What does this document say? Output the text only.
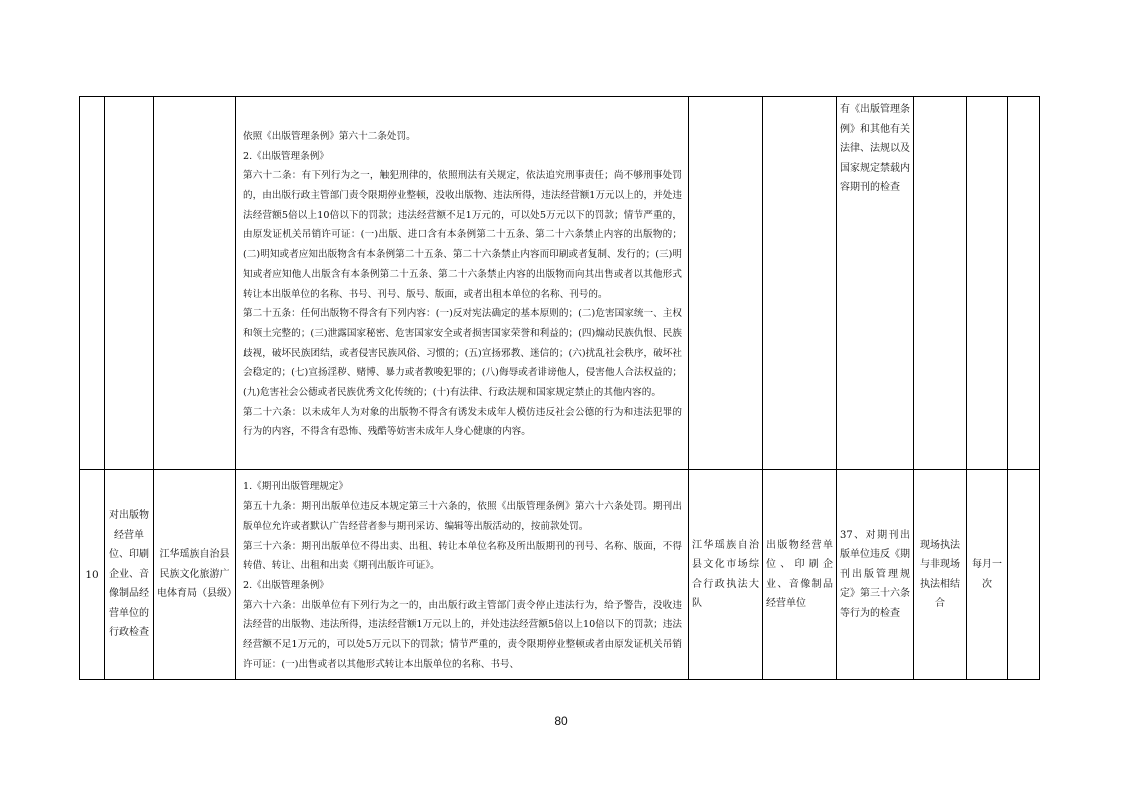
			依照《出版管理条例》第六十二条处罚。
2.《出版管理条例》
第六十二条：有下列行为之一，触犯刑律的，依照刑法有关规定，依法追究刑事责任；尚不够刑事处罚的，由出版行政主管部门责令限期停业整顿，没收出版物、违法所得，违法经营额1万元以上的，并处违法经营额5倍以上10倍以下的罚款；违法经营额不足1万元的，可以处5万元以下的罚款；情节严重的，由原发证机关吊销许可证：(一)出版、进口含有本条例第二十五条、第二十六条禁止内容的出版物的；(二)明知或者应知出版物含有本条例第二十五条、第二十六条禁止内容而印刷或者复制、发行的；(三)明知或者应知他人出版含有本条例第二十五条、第二十六条禁止内容的出版物而向其出售或者以其他形式转让本出版单位的名称、书号、刊号、版号、版面，或者出租本单位的名称、刊号的。
第二十五条：任何出版物不得含有下列内容：(一)反对宪法确定的基本原则的；(二)危害国家统一、主权和领土完整的；(三)泄露国家秘密、危害国家安全或者损害国家荣誉和利益的；(四)煽动民族仇恨、民族歧视，破坏民族团结，或者侵害民族风俗、习惯的；(五)宣扬邪教、迷信的；(六)扰乱社会秩序，破坏社会稳定的；(七)宣扬淫秽、赌博、暴力或者教唆犯罪的；(八)侮辱或者诽谤他人，侵害他人合法权益的；(九)危害社会公德或者民族优秀文化传统的；(十)有法律、行政法规和国家规定禁止的其他内容的。
第二十六条：以未成年人为对象的出版物不得含有诱发未成年人模仿违反社会公德的行为和违法犯罪的行为的内容，不得含有恐怖、残酷等妨害未成年人身心健康的内容。			有《出版管理条例》和其他有关法律、法规以及国家规定禁载内容期刊的检查			

10	对出版物经营单位、印刷企业、音像制品经营单位的行政检查	江华瑶族自治县民族文化旅游广电体育局（县级）	1.《期刊出版管理规定》
第五十九条：期刊出版单位违反本规定第三十六条的，依照《出版管理条例》第六十六条处罚。期刊出版单位允许或者默认广告经营者参与期刊采访、编辑等出版活动的，按前款处罚。
第三十六条：期刊出版单位不得出卖、出租、转让本单位名称及所出版期刊的刊号、名称、版面，不得转借、转让、出租和出卖《期刊出版许可证》。
2.《出版管理条例》
第六十六条：出版单位有下列行为之一的，由出版行政主管部门责令停止违法行为，给予警告，没收违法经营的出版物、违法所得，违法经营额1万元以上的，并处违法经营额5倍以上10倍以下的罚款；违法经营额不足1万元的，可以处5万元以下的罚款；情节严重的，责令限期停业整顿或者由原发证机关吊销许可证：(一)出售或者以其他形式转让本出版单位的名称、书号、	江华瑶族自治县文化市场综合行政执法大队	出版物经营单位、印刷企业、音像制品经营单位	37、对期刊出版单位违反《期刊出版管理规定》第三十六条等行为的检查	现场执法与非现场执法相结合	每月一次	

80
